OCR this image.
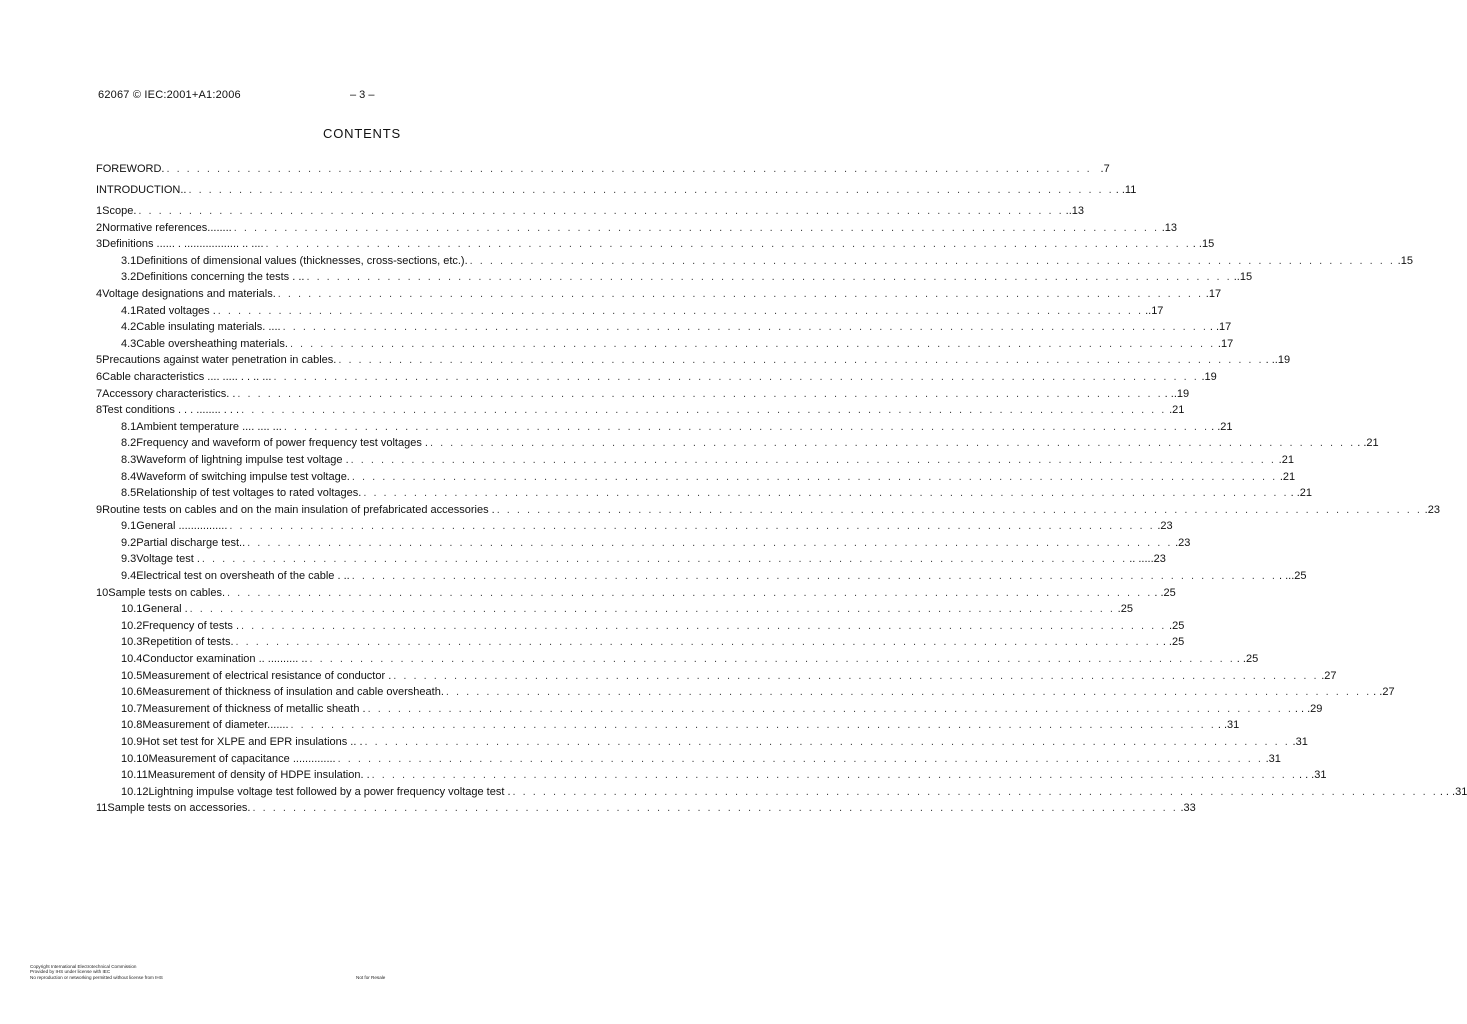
62067 © IEC:2001+A1:2006	– 3 –
CONTENTS
FOREWORD. . . .	.7
INTRODUCTION.. . . .	. .11
1 Scope. . . .	..13
2 Normative references........ . . .	.13
3 Definitions ...... . .................. .. .... . . .	. .15
3.1 Definitions of dimensional values (thicknesses, cross-sections, etc.). . . .	.15
3.2 Definitions concerning the tests . .. . . .	..15
4 Voltage designations and materials. . . .	.17
4.1 Rated voltages . . . .	..17
4.2 Cable insulating materials. .... . . .	. .17
4.3 Cable oversheathing materials. . . .	.17
5 Precautions against water penetration in cables. . . .	. ..19
6 Cable characteristics .... ..... . . .. ... . . .	.19
7 Accessory characteristics. . . . .	. ..19
8 Test conditions . . . ........ . . . . . .	.21
8.1 Ambient temperature .... .... ... . . .	. .21
8.2 Frequency and waveform of power frequency test voltages . . . .	. .21
8.3 Waveform of lightning impulse test voltage . . . .	.21
8.4 Waveform of switching impulse test voltage. . . .	.21
8.5 Relationship of test voltages to rated voltages. . . .	. .21
9 Routine tests on cables and on the main insulation of prefabricated accessories . . . .	.23
9.1 General ................ . . .	.23
9.2 Partial discharge test.. . . .	.23
9.3 Voltage test . . . .	.. .....23
9.4 Electrical test on oversheath of the cable . .. . . .	. ...25
10 Sample tests on cables. . . .	. .25
10.1 General . . . .	.25
10.2 Frequency of tests . . . .	.25
10.3 Repetition of tests. . . .	. .25
10.4 Conductor examination .. .......... .. . . .	. .25
10.5 Measurement of electrical resistance of conductor . . . .	.27
10.6 Measurement of thickness of insulation and cable oversheath. . . .	. .27
10.7 Measurement of thickness of metallic sheath . . . .	. . .29
10.8 Measurement of diameter....... . . .	. .31
10.9 Hot set test for XLPE and EPR insulations .. . . . .	.31
10.10 Measurement of capacitance .............. . . .	.31
10.11 Measurement of density of HDPE insulation. . . . .	. . .31
10.12 Lightning impulse voltage test followed by a power frequency voltage test . . . .	. . .31
11 Sample tests on accessories. . . .	.33
Copyright International Electrotechnical Commission
Provided by IHS under license with IEC
No reproduction or networking permitted without license from IHS	Not for Resale
